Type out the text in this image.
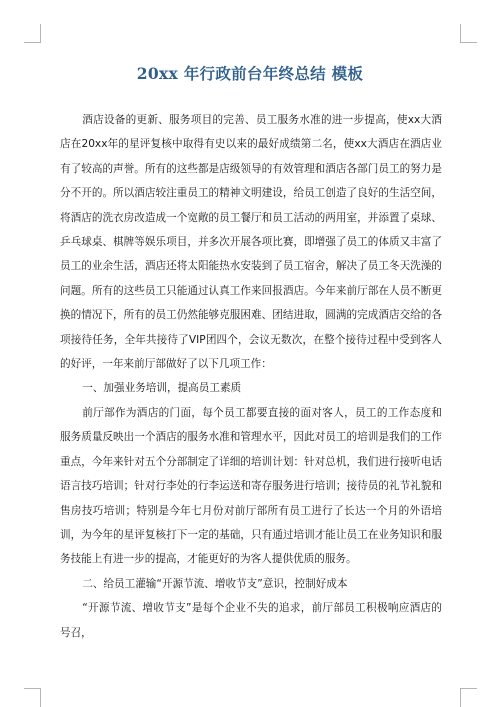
20xx 年行政前台年终总结 模板

酒店设备的更新、服务项目的完善、员工服务水准的进一步提高，使xx大酒店在20xx年的星评复核中取得有史以来的最好成绩第二名，使xx大酒店在酒店业有了较高的声誉。所有的这些都是店级领导的有效管理和酒店各部门员工的努力是分不开的。所以酒店较注重员工的精神文明建设，给员工创造了良好的生活空间，将酒店的洗衣房改造成一个宽敞的员工餐厅和员工活动的两用室，并添置了桌球、乒乓球桌、棋牌等娱乐项目，并多次开展各项比赛，即增强了员工的体质又丰富了员工的业余生活，酒店还将太阳能热水安装到了员工宿舍，解决了员工冬天洗澡的问题。所有的这些员工只能通过认真工作来回报酒店。今年来前厅部在人员不断更换的情况下，所有的员工仍然能够克服困难、团结进取，圆满的完成酒店交给的各项接待任务，全年共接待了VIP团四个，会议无数次，在整个接待过程中受到客人的好评，一年来前厅部做好了以下几项工作：

一、加强业务培训，提高员工素质

前厅部作为酒店的门面，每个员工都要直接的面对客人，员工的工作态度和服务质量反映出一个酒店的服务水准和管理水平，因此对员工的培训是我们的工作重点，今年来针对五个分部制定了详细的培训计划：针对总机，我们进行接听电话语言技巧培训；针对行李处的行李运送和寄存服务进行培训；接待员的礼节礼貌和售房技巧培训；特别是今年七月份对前厅部所有员工进行了长达一个月的外语培训，为今年的星评复核打下一定的基础，只有通过培训才能让员工在业务知识和服务技能上有进一步的提高，才能更好的为客人提供优质的服务。

二、给员工灌输“开源节流、增收节支”意识，控制好成本

“开源节流、增收节支”是每个企业不失的追求，前厅部员工积极响应酒店的号召，
